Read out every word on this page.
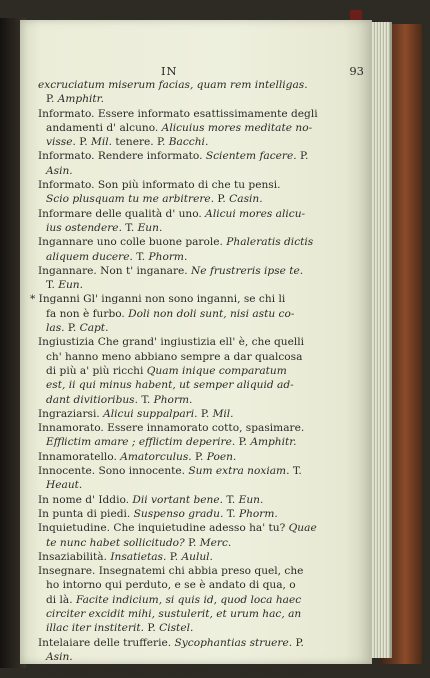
IN	93
excruciatum miserum facias, quam rem intelligas.
P. Amphitr.
Informato. Essere informato esattissimamente degli
andamenti d' alcuno. Alicuius mores meditate no-
visse. P. Mil. tenere. P. Bacchi.
Informato. Rendere informato. Scientem facere. P.
Asin.
Informato. Son più informato di che tu pensi.
Scio plusquam tu me arbitrere. P. Casin.
Informare delle qualità d' uno. Alicui mores alicu-
ius ostendere. T. Eun.
Ingannare uno colle buone parole. Phaleratis dictis
aliquem ducere. T. Phorm.
Ingannare. Non t' inganare. Ne frustreris ipse te.
T. Eun.
* Inganni Gl' inganni non sono inganni, se chi li
fa non è furbo. Doli non doli sunt, nisi astu co-
las. P. Capt.
Ingiustizia Che grand' ingiustizia ell' è, che quelli
ch' hanno meno abbiano sempre a dar qualcosa
di più a' più ricchi Quam inique comparatum
est, ii qui minus habent, ut semper aliquid ad-
dant divitioribus. T. Phorm.
Ingraziarsi. Alicui suppalpari. P. Mil.
Innamorato. Essere innamorato cotto, spasimare.
Efflictim amare ; efflictim deperire. P. Amphitr.
Innamoratello. Amatorculus. P. Poen.
Innocente. Sono innocente. Sum extra noxiam. T.
Heaut.
In nome d' Iddio. Dii vortant bene. T. Eun.
In punta di piedi. Suspenso gradu. T. Phorm.
Inquietudine. Che inquietudine adesso ha' tu? Quae
te nunc habet sollicitudo? P. Merc.
Insaziabilità. Insatietas. P. Aulul.
Insegnare. Insegnatemi chi abbia preso quel, che
ho intorno qui perduto, e se è andato di qua, o
di là. Facite indicium, si quis id, quod loca haec
circiter excidit mihi, sustulerit, et urum hac, an
illac iter institerit. P. Cistel.
Intelaiare delle trufferie. Sycophantias struere. P.
Asin.
Intendere. Dimmelo in cortesia un' altra volta, per-
